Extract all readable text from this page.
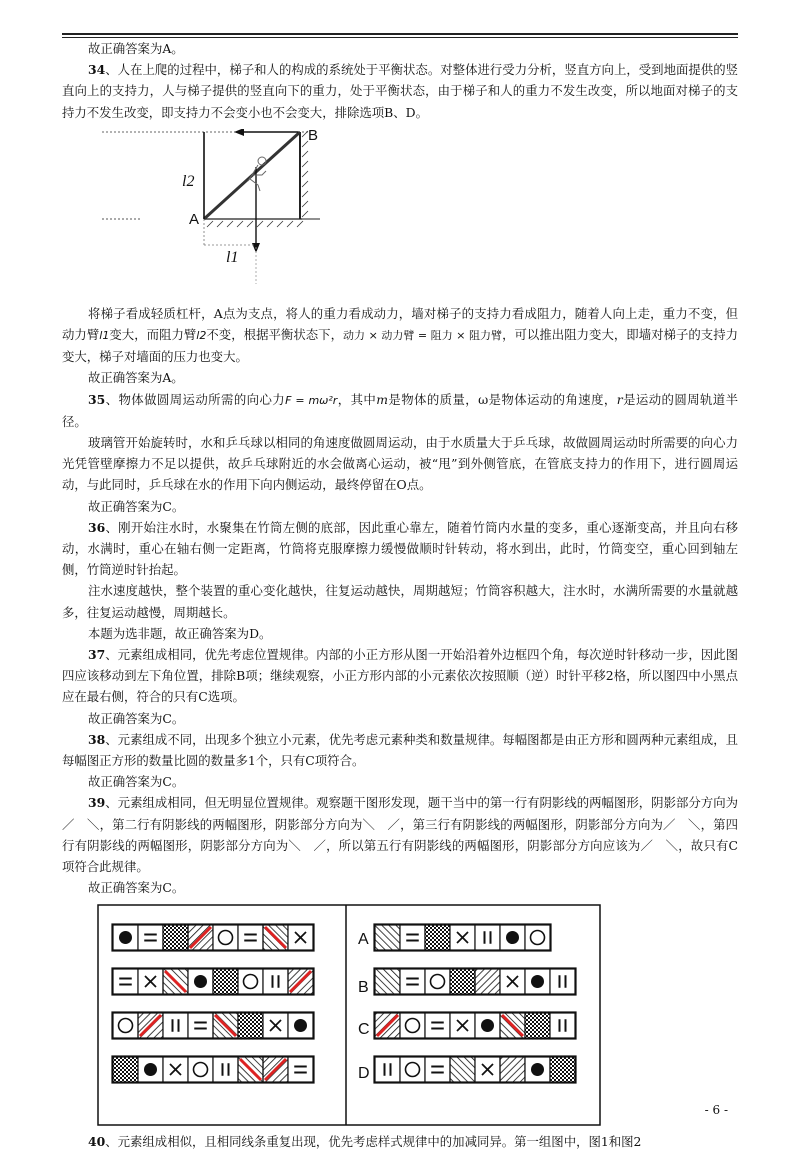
故正确答案为A。

34、人在上爬的过程中，梯子和人的构成的系统处于平衡状态。对整体进行受力分析，竖直方向上，受到地面提供的竖直向上的支持力，人与梯子提供的竖直向下的重力，处于平衡状态，由于梯子和人的重力不发生改变，所以地面对梯子的支持力不发生改变，即支持力不会变小也不会变大，排除选项B、D。

B
A
l2
l1

将梯子看成轻质杠杆，A点为支点，将人的重力看成动力，墙对梯子的支持力看成阻力，随着人向上走，重力不变，但动力臂l1变大，而阻力臂l2不变，根据平衡状态下，动力 × 动力臂 = 阻力 × 阻力臂，可以推出阻力变大，即墙对梯子的支持力变大，梯子对墙面的压力也变大。

故正确答案为A。

35、物体做圆周运动所需的向心力F = mω²r，其中m是物体的质量，ω是物体运动的角速度，r是运动的圆周轨道半径。

玻璃管开始旋转时，水和乒乓球以相同的角速度做圆周运动，由于水质量大于乒乓球，故做圆周运动时所需要的向心力光凭管壁摩擦力不足以提供，故乒乓球附近的水会做离心运动，被“甩”到外侧管底，在管底支持力的作用下，进行圆周运动，与此同时，乒乓球在水的作用下向内侧运动，最终停留在O点。

故正确答案为C。

36、刚开始注水时，水聚集在竹筒左侧的底部，因此重心靠左，随着竹筒内水量的变多，重心逐渐变高，并且向右移动，水满时，重心在轴右侧一定距离，竹筒将克服摩擦力缓慢做顺时针转动，将水到出，此时，竹筒变空，重心回到轴左侧，竹筒逆时针抬起。

注水速度越快，整个装置的重心变化越快，往复运动越快，周期越短；竹筒容积越大，注水时，水满所需要的水量就越多，往复运动越慢，周期越长。

本题为选非题，故正确答案为D。

37、元素组成相同，优先考虑位置规律。内部的小正方形从图一开始沿着外边框四个角，每次逆时针移动一步，因此图四应该移动到左下角位置，排除B项；继续观察，小正方形内部的小元素依次按照顺（逆）时针平移2格，所以图四中小黑点应在最右侧，符合的只有C选项。

故正确答案为C。

38、元素组成不同，出现多个独立小元素，优先考虑元素种类和数量规律。每幅图都是由正方形和圆两种元素组成，且每幅图正方形的数量比圆的数量多1个，只有C项符合。

故正确答案为C。

39、元素组成相同，但无明显位置规律。观察题干图形发现，题干当中的第一行有阴影线的两幅图形，阴影部分方向为／　＼，第二行有阴影线的两幅图形，阴影部分方向为＼　／，第三行有阴影线的两幅图形，阴影部分方向为／　＼，第四行有阴影线的两幅图形，阴影部分方向为＼　／，所以第五行有阴影线的两幅图形，阴影部分方向应该为／　＼，故只有C项符合此规律。

故正确答案为C。

A
B
C
D

40、元素组成相似，且相同线条重复出现，优先考虑样式规律中的加减同异。第一组图中，图1和图2

- 6 -
